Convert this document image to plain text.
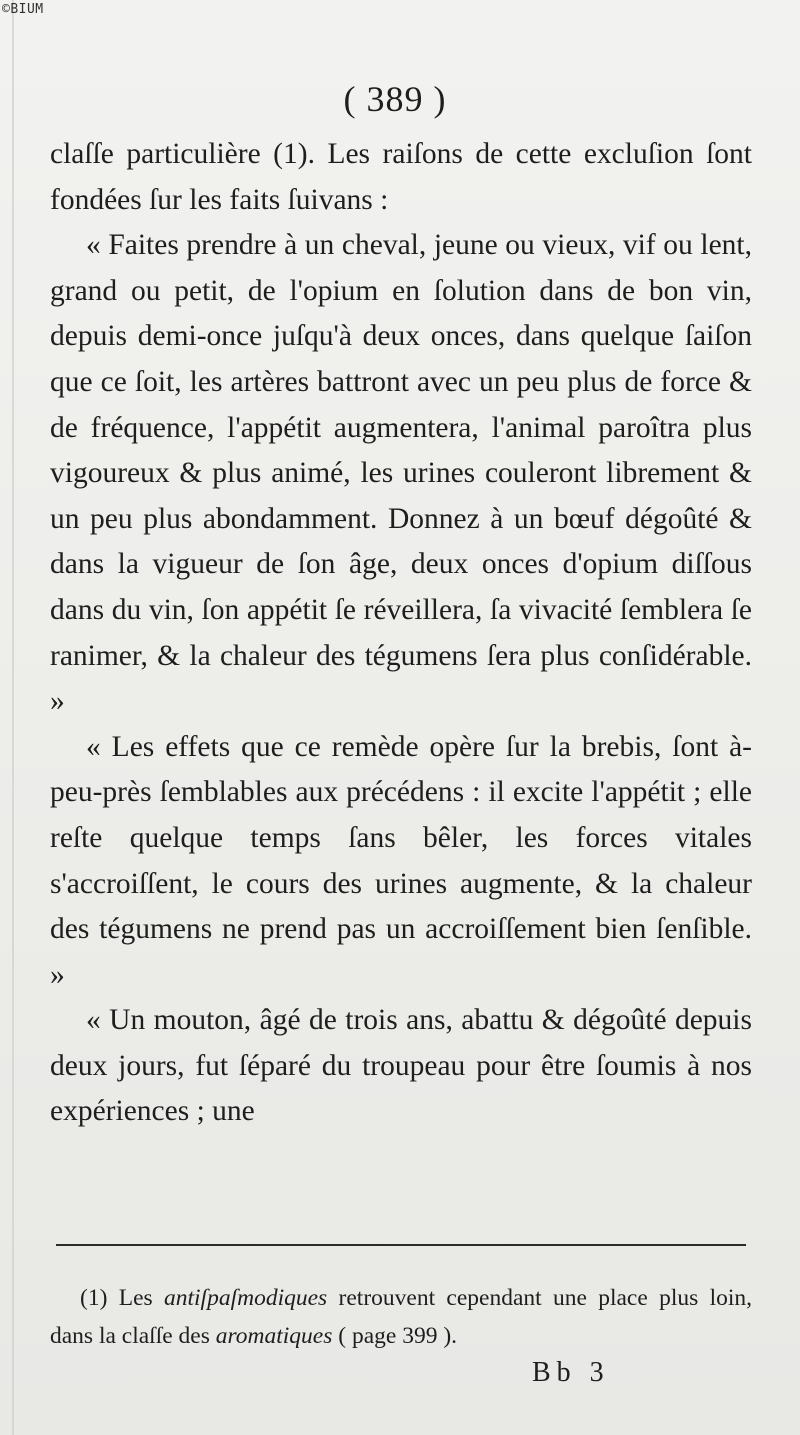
©BIUM
( 389 )

claſſe particulière (1). Les raiſons de cette excluſion ſont fondées ſur les faits ſuivans :

« Faites prendre à un cheval, jeune ou vieux, vif ou lent, grand ou petit, de l'opium en ſolution dans de bon vin, depuis demi-once juſqu'à deux onces, dans quelque ſaiſon que ce ſoit, les artères battront avec un peu plus de force & de fréquence, l'appétit augmentera, l'animal paroîtra plus vigoureux & plus animé, les urines couleront librement & un peu plus abondamment. Donnez à un bœuf dégoûté & dans la vigueur de ſon âge, deux onces d'opium diſſous dans du vin, ſon appétit ſe réveillera, ſa vivacité ſemblera ſe ranimer, & la chaleur des tégumens ſera plus conſidérable. »

« Les effets que ce remède opère ſur la brebis, ſont à-peu-près ſemblables aux précédens : il excite l'appétit ; elle reſte quelque temps ſans bêler, les forces vitales s'accroiſſent, le cours des urines augmente, & la chaleur des tégumens ne prend pas un accroiſſement bien ſenſible. »

« Un mouton, âgé de trois ans, abattu & dégoûté depuis deux jours, fut ſéparé du troupeau pour être ſoumis à nos expériences ; une

(1) Les antiſpaſmodiques retrouvent cependant une place plus loin, dans la claſſe des aromatiques ( page 399 ).
Bb 3
